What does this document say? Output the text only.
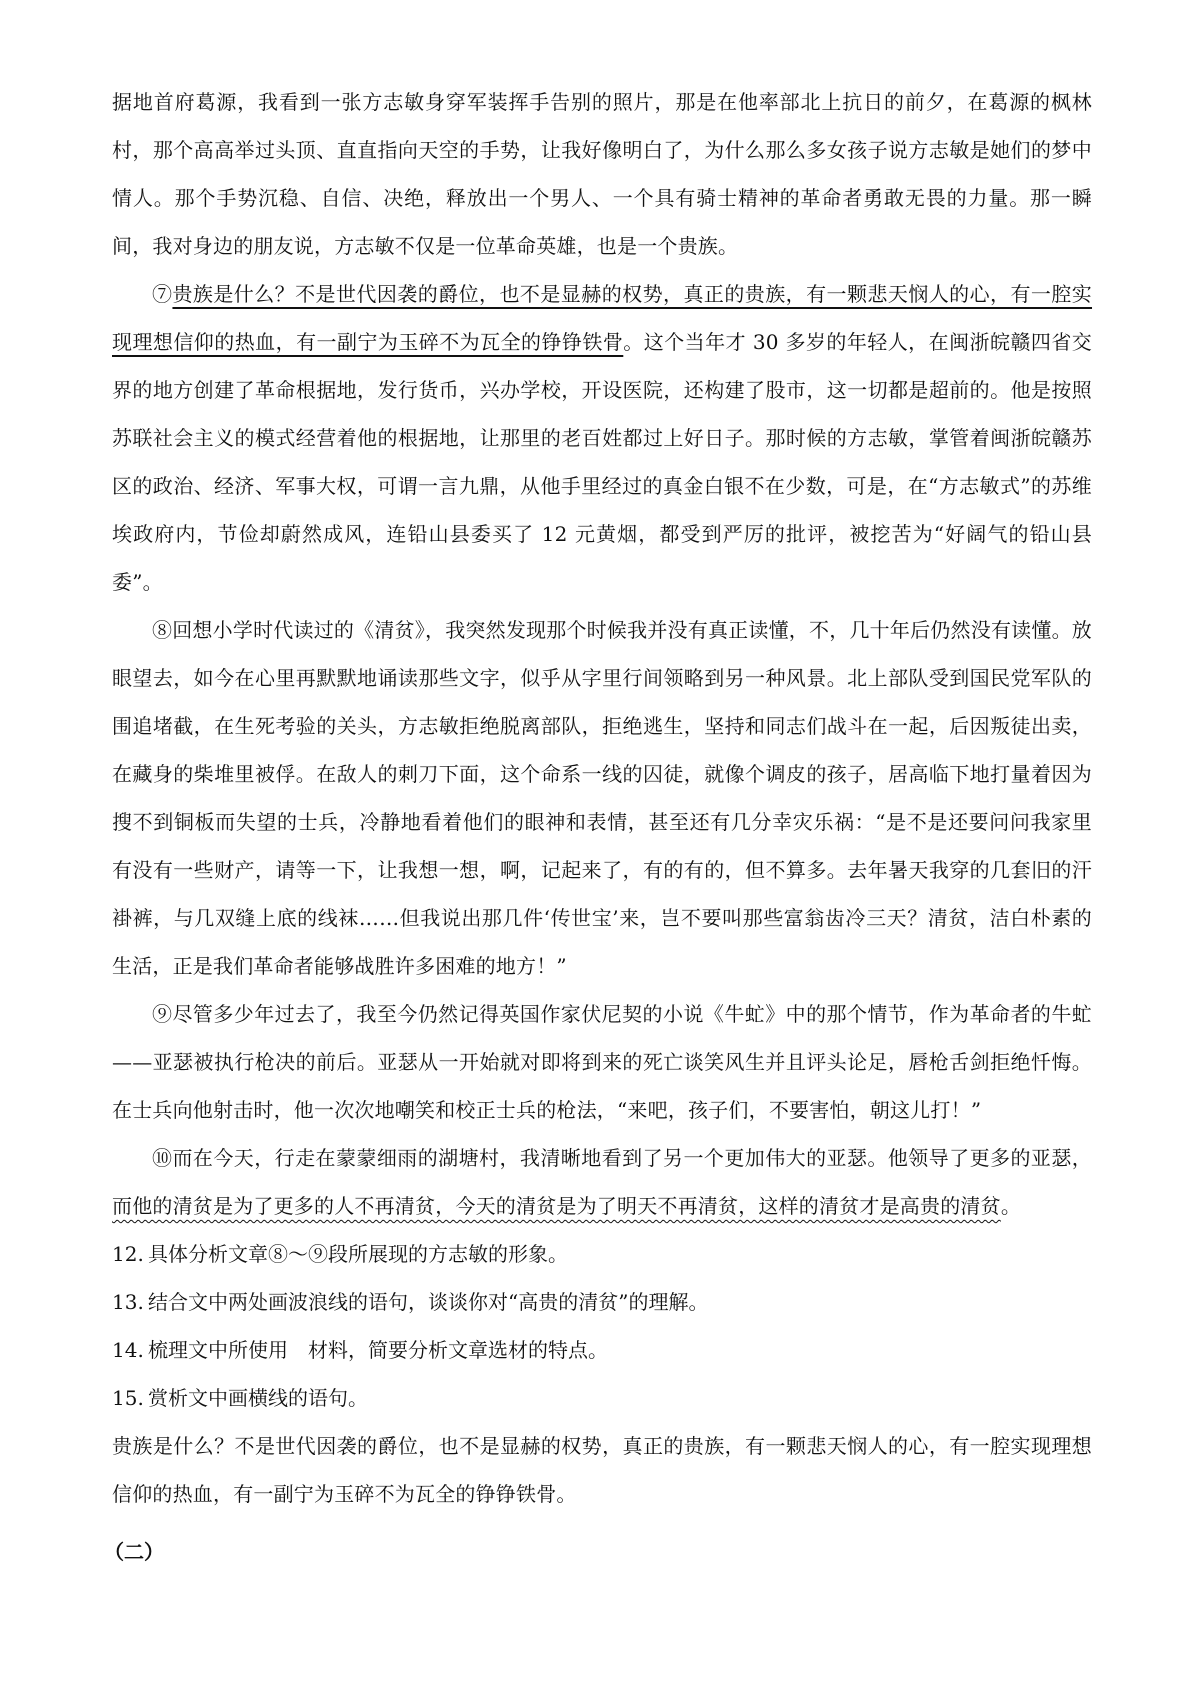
据地首府葛源，我看到一张方志敏身穿军装挥手告别的照片，那是在他率部北上抗日的前夕，在葛源的枫林村，那个高高举过头顶、直直指向天空的手势，让我好像明白了，为什么那么多女孩子说方志敏是她们的梦中情人。那个手势沉稳、自信、决绝，释放出一个男人、一个具有骑士精神的革命者勇敢无畏的力量。那一瞬间，我对身边的朋友说，方志敏不仅是一位革命英雄，也是一个贵族。

⑦贵族是什么？不是世代因袭的爵位，也不是显赫的权势，真正的贵族，有一颗悲天悯人的心，有一腔实现理想信仰的热血，有一副宁为玉碎不为瓦全的铮铮铁骨。这个当年才 30 多岁的年轻人，在闽浙皖赣四省交界的地方创建了革命根据地，发行货币，兴办学校，开设医院，还构建了股市，这一切都是超前的。他是按照苏联社会主义的模式经营着他的根据地，让那里的老百姓都过上好日子。那时候的方志敏，掌管着闽浙皖赣苏区的政治、经济、军事大权，可谓一言九鼎，从他手里经过的真金白银不在少数，可是，在“方志敏式”的苏维埃政府内，节俭却蔚然成风，连铅山县委买了 12 元黄烟，都受到严厉的批评，被挖苦为“好阔气的铅山县委”。

⑧回想小学时代读过的《清贫》，我突然发现那个时候我并没有真正读懂，不，几十年后仍然没有读懂。放眼望去，如今在心里再默默地诵读那些文字，似乎从字里行间领略到另一种风景。北上部队受到国民党军队的围追堵截，在生死考验的关头，方志敏拒绝脱离部队，拒绝逃生，坚持和同志们战斗在一起，后因叛徒出卖，在藏身的柴堆里被俘。在敌人的刺刀下面，这个命系一线的囚徒，就像个调皮的孩子，居高临下地打量着因为搜不到铜板而失望的士兵，冷静地看着他们的眼神和表情，甚至还有几分幸灾乐祸：“是不是还要问问我家里有没有一些财产，请等一下，让我想一想，啊，记起来了，有的有的，但不算多。去年暑天我穿的几套旧的汗褂裤，与几双缝上底的线袜……但我说出那几件‘传世宝’来，岂不要叫那些富翁齿冷三天？清贫，洁白朴素的生活，正是我们革命者能够战胜许多困难的地方！”

⑨尽管多少年过去了，我至今仍然记得英国作家伏尼契的小说《牛虻》中的那个情节，作为革命者的牛虻——亚瑟被执行枪决的前后。亚瑟从一开始就对即将到来的死亡谈笑风生并且评头论足，唇枪舌剑拒绝忏悔。在士兵向他射击时，他一次次地嘲笑和校正士兵的枪法，“来吧，孩子们，不要害怕，朝这儿打！”

⑩而在今天，行走在蒙蒙细雨的湖塘村，我清晰地看到了另一个更加伟大的亚瑟。他领导了更多的亚瑟，而他的清贫是为了更多的人不再清贫，今天的清贫是为了明天不再清贫，这样的清贫才是高贵的清贫。

12. 具体分析文章⑧～⑨段所展现的方志敏的形象。

13. 结合文中两处画波浪线的语句，谈谈你对“高贵的清贫”的理解。

14. 梳理文中所使用　材料，简要分析文章选材的特点。

15. 赏析文中画横线的语句。

贵族是什么？不是世代因袭的爵位，也不是显赫的权势，真正的贵族，有一颗悲天悯人的心，有一腔实现理想信仰的热血，有一副宁为玉碎不为瓦全的铮铮铁骨。

（二）
